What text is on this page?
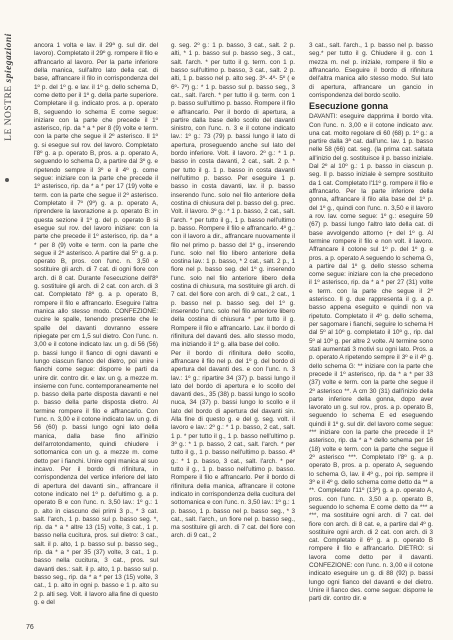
LE NOSTRE spiegazioni	ancora 1 volta e lav. il 29ª g. sul dir. del lavoro). Completato il 29º g. rompere il filo e affrancarlo al lavoro. Per la parte inferiore della manica, sull'altro lato della cat. di base, affrancare il filo in corrispondenza del 1º p. del 1º g. e lav. il 1º g. dello schema D, come detto per il 1º g. della parte superiore. Completare il g. indicato pros. a p. operato B, seguendo lo schema E come segue: iniziare con la parte che precede il 1º asterisco, rip. da * a * per 8 (9) volte e term. con la parte che segue il 2º asterisco. Il 1º g. si esegue sul rov. del lavoro. Completato l'8º g. a p. operato B, pros. a p. operato A, seguendo lo schema D, a partire dal 3º g. e ripetendo sempre il 3º e il 4º g. come segue: iniziare con la parte che precede il 1º asterisco, rip. da * a * per 17 (19) volte e term. con la parte che segue il 2º asterisco. Completato il 7º (9º) g. a p. operato A, riprendere la lavorazione a p. operato B: in questa sezione il 1º g. del p. operato B si esegue sul rov. del lavoro iniziare: con la parte che precede il 1º asterisco, rip. da * a * per 8 (9) volte e term. con la parte che segue il 2º asterisco. A partire dal 5º g. a p. operato B, pros. con l'unc. n. 3,50 e sostituire gli arch. di 7 cat. di ogni fiore con arch. di 8 cat. Durante l'esecuzione dell'8º g. sostituire gli arch. di 2 cat. con arch. di 3 cat. Completato l'8º g. a p. operato B, rompere il filo e affrancarlo. Eseguire l'altra manica allo stesso modo. CONFEZIONE: cucire le spalle, tenendo presente che le spalle del davanti dovranno essere ripiegate per cm 1,5 sul dietro. Con l'unc. n. 3,00 e il cotone indicato lav. un g. di 56 (56) p. bassi lungo il fianco di ogni davanti e lungo ciascun fianco del dietro, poi unire i fianchi come segue: disporre le parti da unire dir. contro dir. e lav. un g. a mezze m. insieme con l'unc. contemporaneamente nel p. basso della parte disposta davanti e nel p. basso della parte disposta dietro. Al termine rompere il filo e affrancarlo. Con l'unc. n. 3,00 e il cotone indicato lav. un g. di 56 (60) p. bassi lungo ogni lato della manica, dalla base fino all'inizio dell'arrotondamento, quindi chiudere i sottomanica con un g. a mezze m. come detto per i fianchi. Unire ogni manica al suo incavo. Per il bordo di rifinitura, in corrispondenza del vertice inferiore del lato di apertura del davanti sin., affrancare il cotone indicato nel 1º p. del'ultimo g. a p. operato B e con l'unc. n. 3,50 lav.: 1º g.: 1 p. alto in ciascuno dei primi 3 p., * 3 cat. salt. l'arch., 1 p. basso sul p. basso seg. *, rip. da * a * altre 13 (15) volte, 3 cat., 1 p. basso nella cucitura, pros. sul dietro: 3 cat., salt. il p. alto, 1 p. basso sul p. basso seg., rip. da * a * per 35 (37) volte, 3 cat., 1 p. basso nella cucitura, 3 cat., pros. sul davanti des.: salt. il p. alto, 1 p. basso sul p. basso seg., rip. da * a * per 13 (15) volte, 3 cat., 1 p. alto in ogni p. basso e 1 p. alto su 2 p. alti seg. Volt. il lavoro alla fine di questo g. e del

g. seg. 2º g.: 1 p. basso, 3 cat., salt. 2 p. alti, * 1 p. basso sul p. basso seg., 3 cat., salt. l'arch. * per tutto il g. term. con 1 p. basso sull'ultimo p. basso, 3 cat., salt. 2 p. alti, 1 p. basso nel p. alto seg. 3º- 4º- 5º ( e 6º- 7º) g.: * 1 p. basso sul p. basso seg., 3 cat., salt. l'arch. * per tutto il g. term. con 1 p. basso sull'ultimo p. basso. Rompere il filo e affrancarlo. Per il bordo di apertura, a partire dalla base dello scollo del davanti sinistro, con l'unc. n. 3 e il cotone indicato lav.: 1º g.: 73 (79) p. bassi lungo il lato di apertura, proseguendo anche sul lato del bordo inferiore. Volt. il lavoro. 2º g.: * 1 p. basso in costa davanti, 2 cat., salt. 2 p. * per tutto il g. 1 p. basso in costa davanti nell'ultimo p. basso. Per eseguire 1 p. basso in costa davanti, lav. il p. basso inserendo l'unc. solo nel filo anteriore della costina di chiusura del p. basso del g. prec. Volt. il lavoro. 3º g.: * 1 p. basso, 2 cat., salt. l'arch. * per tutto il g., 1 p. basso nell'ultimo p. basso. Rompere il filo e affrancarlo. 4º g.: con il lavoro a dir., affrancare nuovamente il filo nel primo p. basso del 1º g., inserendo l'unc. solo nel filo libero anteriore della costina lav.: 1 p. basso, * 2 cat., salt. 2 p., 1 fiore nel p. basso seg. del 1º g. inserendo l'unc. solo nel filo anteriore libero della costina di chiusura, ma sostituire gli arch. di 7 cat. del fiore con arch. di 9 cat., 2 cat., 1 p. basso nel p. basso seg. del 1º g. inserendo l'unc. solo nel filo anteriore libero della costina di chiusura * per tutto il g. Rompere il filo e affrancarlo. Lav. il bordo di rifinitura del davanti des. allo stesso modo, ma iniziando il 1º g. alla base del collo.

Per il bordo di rifinitura dello scollo, affrancare il filo nel p. del 1º g. del bordo di apertura del davanti des. e con l'unc. n. 3 lav.: 1º g.: ripartire 34 (37) p. bassi lungo il lato del bordo di apertura e lo scollo del davanti des., 35 (38) p. bassi lungo lo scollo nuca, 34 (37) p. bassi lungo lo scollo e il lato del bordo di apertura del davanti sin. Alla fine di questo g. e del g. seg. volt. il lavoro e lav.: 2º g.: * 1 p. basso, 2 cat., salt. 1 p. * per tutto il g., 1 p. basso nell'ultimo p. 3º g.: * 1 p. basso, 2 cat., salt. l'arch. * per tutto il g., 1 p. basso nell'ultimo p. basso. 4º g.: * 1 p. basso, 3 cat., salt. l'arch. * per tutto il g., 1 p. basso nell'ultimo p. basso. Rompere il filo e affrancarlo. Per il bordo di rifinitura della manica, affrancare il cotone indicato in corrispondenza della cucitura del sottomanica e con l'unc. n. 3,50 lav.: 1º g.: 1 p. basso, 1 p. basso nel p. basso seg., * 3 cat., salt. l'arch., un fiore nel p. basso seg., ma sostituire gli arch. di 7 cat. del fiore con arch. di 9 cat., 2

3 cat., salt. l'arch., 1 p. basso nel p. basso seg.* per tutto il g. Chiudere il g. con 1 mezza m. nel p. iniziale, rompere il filo e affrancarlo. Eseguire il bordo di rifinitura dell'altra manica allo stesso modo. Sul lato di apertura, affrancare un gancio in corrispondenza del bordo scollo.

Esecuzione gonna

DAVANTI: eseguire dapprima il bordo vita. Con l'unc. n. 3,00 e il cotone indicato avv. una cat. molto regolare di 60 (68) p. 1º g.: a partire dalla 3ª cat. dall'unc. lav. 1 p. basso nelle 58 (66) cat. seg. (la prima cat. saltata all'inizio del g. sostituisce il p. basso iniziale. Dal 2º al 10º g.: 1 p. basso in ciascun p. seg. Il p. basso iniziale è sempre sostituito da 1 cat. Completato l'11º g. rompere il filo e affrancarlo. Per la parte inferiore della gonna, affrancare il filo alla base del 1º p. del 1º g., quindi con l'unc. n. 3,50 e il lavoro a rov. lav. come segue: 1º g.: eseguire 59 (67) p. bassi lungo l'altro lato della cat. di base avvolgendo attorno (+ del 1º g. Al termine rompere il filo e non volt. il lavoro. Affrancare il cotone sul 1º p. del 1º g. e pros. a p. operato A seguendo lo schema G, a partire dal 1º g. dello stesso schema come segue: iniziare con la che precedono il 1º asterisco, rip. da * a * per 27 (31) volte e term. con la parte che segue il 2º asterisco. Il g. due rappresenta il g. a p. basso appena eseguito e quindi non va ripetuto. Completato il 4º g. dello schema, per sagomare i fianchi, seguire lo schema H dal 5º al 10º g. completato il 10º g., rip. dal 5º al 10º g. per altre 2 volte. Al termine sono stati aumentati 3 motivi su ogni lato. Pros. a p. operato A ripetendo sempre il 3º e il 4º g. dello schema G: ** iniziare con la parte che precede il 1º asterisco, rip. da * a * per 33 (37) volte e term. con la parte che segue il 2º asterisco **. A cm 30 (31) dall'inizio della parte inferiore della gonna, dopo aver lavorato un g. sul rov., pros. a p. operato B, seguendo lo schema E ed eseguendo quindi il 1º g. sul dir. del lavoro come segue: *** iniziare con la parte che precede il 1º asterisco, rip. da * a * dello schema per 16 (18) volte e term. con la parte che segue il 2º asterisco ***. Completato l'8º g. a p. operato B, pros. a p. operato A, seguendo lo schema G, lav. il 4º g., poi rip. sempre il 3º e il 4º g. dello schema come detto da ** a **. Completato l'11º (13º) g. a p. operato A, pros. con l'unc. n. 3,50 a p. operato B, seguendo lo schema E come detto da *** a ***, ma sostituire ogni arch. di 7 cat. del fiore con arch. di 8 cat. e, a partire dal 4º g. sostituire ogni arch. di 2 cat. con arch. di 3 cat. Completato il 6º g. a p. operato B rompere il filo e affrancarlo. DIETRO: si lavora come detto per il davanti. CONFEZIONE: con l'unc. n. 3,00 e il cotone indicato eseguire un g. di 88 (92) p. bassi lungo ogni fianco del davanti e del dietro. Unire il fianco des. come segue: disporre le parti dir. contro dir. e

76
